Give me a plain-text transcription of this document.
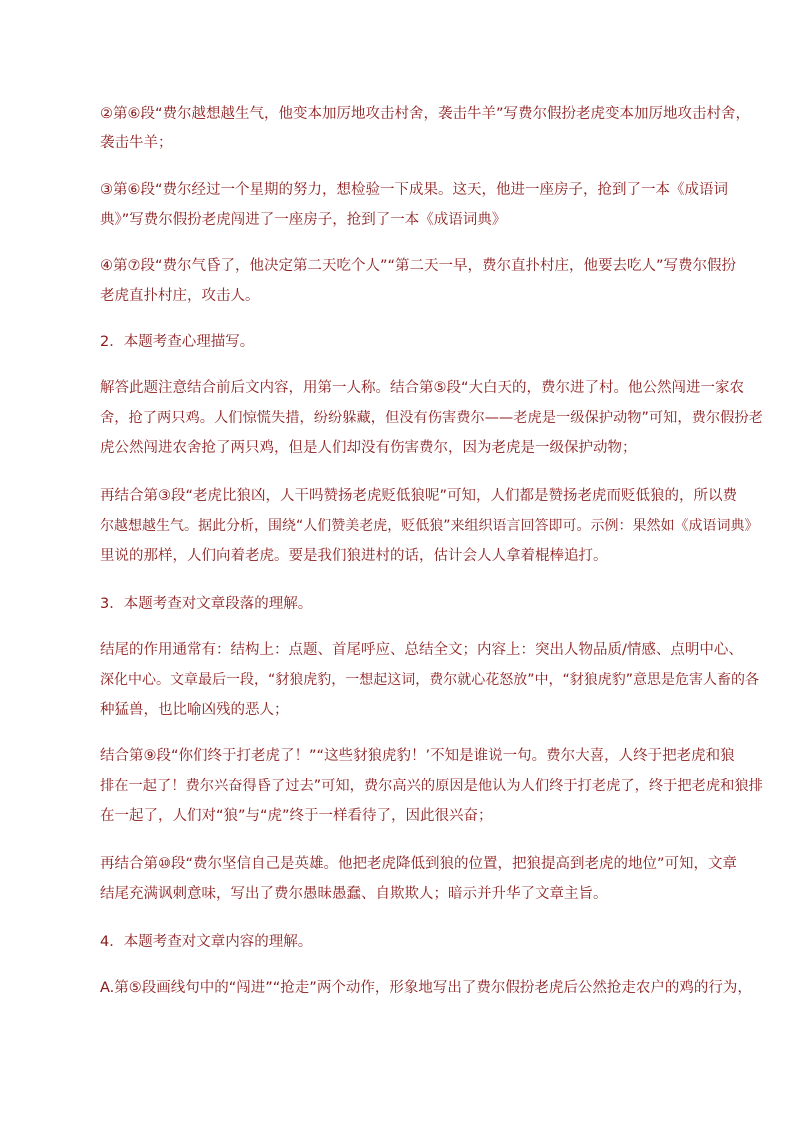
②第⑥段“费尔越想越生气，他变本加厉地攻击村舍，袭击牛羊”写费尔假扮老虎变本加厉地攻击村舍，
袭击牛羊；
③第⑥段“费尔经过一个星期的努力，想检验一下成果。这天，他进一座房子，抢到了一本《成语词
典》”写费尔假扮老虎闯进了一座房子，抢到了一本《成语词典》
④第⑦段“费尔气昏了，他决定第二天吃个人”“第二天一早，费尔直扑村庄，他要去吃人”写费尔假扮
老虎直扑村庄，攻击人。
2．本题考查心理描写。
解答此题注意结合前后文内容，用第一人称。结合第⑤段“大白天的，费尔进了村。他公然闯进一家农
舍，抢了两只鸡。人们惊慌失措，纷纷躲藏，但没有伤害费尔——老虎是一级保护动物”可知，费尔假扮老
虎公然闯进农舍抢了两只鸡，但是人们却没有伤害费尔，因为老虎是一级保护动物；
再结合第③段“老虎比狼凶，人干吗赞扬老虎贬低狼呢”可知，人们都是赞扬老虎而贬低狼的，所以费
尔越想越生气。据此分析，围绕“人们赞美老虎，贬低狼”来组织语言回答即可。示例：果然如《成语词典》
里说的那样，人们向着老虎。要是我们狼进村的话，估计会人人拿着棍棒追打。
3．本题考查对文章段落的理解。
结尾的作用通常有：结构上：点题、首尾呼应、总结全文；内容上：突出人物品质/情感、点明中心、
深化中心。文章最后一段，“豺狼虎豹，一想起这词，费尔就心花怒放”中，“豺狼虎豹”意思是危害人畜的各
种猛兽，也比喻凶残的恶人；
结合第⑨段“你们终于打老虎了！”“这些豺狼虎豹！’不知是谁说一句。费尔大喜，人终于把老虎和狼
排在一起了！费尔兴奋得昏了过去”可知，费尔高兴的原因是他认为人们终于打老虎了，终于把老虎和狼排
在一起了，人们对“狼”与“虎”终于一样看待了，因此很兴奋；
再结合第⑩段“费尔坚信自己是英雄。他把老虎降低到狼的位置，把狼提高到老虎的地位”可知，文章
结尾充满讽刺意味，写出了费尔愚昧愚蠢、自欺欺人；暗示并升华了文章主旨。
4．本题考查对文章内容的理解。
A.第⑤段画线句中的“闯进”“抢走”两个动作，形象地写出了费尔假扮老虎后公然抢走农户的鸡的行为，
